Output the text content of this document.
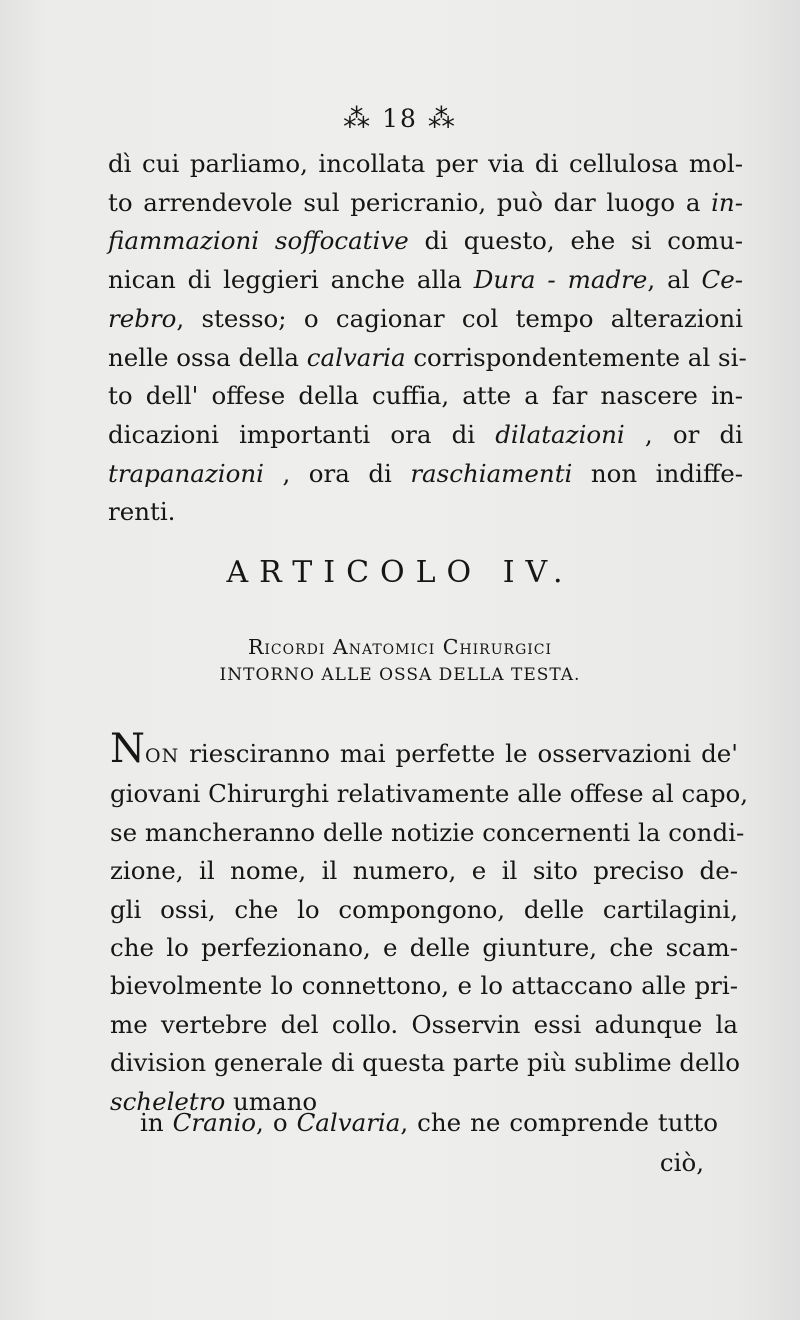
⁂ 18 ⁂
dì cui parliamo, incollata per via di cellulosa mol-
to arrendevole sul pericranio, può dar luogo a in-
fiammazioni soffocative di questo, ehe si comu-
nican di leggieri anche alla Dura - madre, al Ce-
rebro, stesso; o cagionar col tempo alterazioni
nelle ossa della calvaria corrispondentemente al si-
to dell' offese della cuffia, atte a far nascere in-
dicazioni importanti ora di dilatazioni , or di
trapanazioni , ora di raschiamenti non indiffe-
renti.
ARTICOLO IV.
Ricordi Anatomici Chirurgici
INTORNO ALLE OSSA DELLA TESTA.
NON riesciranno mai perfette le osservazioni de'
giovani Chirurghi relativamente alle offese al capo,
se mancheranno delle notizie concernenti la condi-
zione, il nome, il numero, e il sito preciso de-
gli ossi, che lo compongono, delle cartilagini,
che lo perfezionano, e delle giunture, che scam-
bievolmente lo connettono, e lo attaccano alle pri-
me vertebre del collo. Osservin essi adunque la
division generale di questa parte più sublime dello
scheletro umano
in Cranio, o Calvaria, che ne comprende tutto
ciò,
